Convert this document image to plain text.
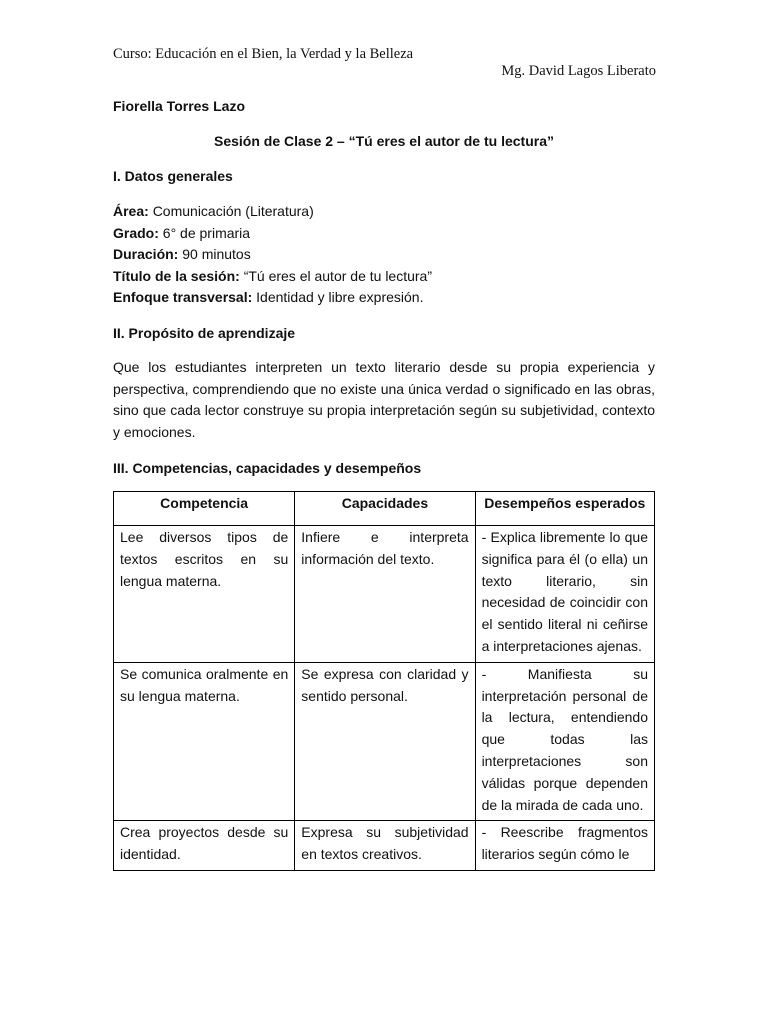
Curso: Educación en el Bien, la Verdad y la Belleza
Mg. David Lagos Liberato
Fiorella Torres Lazo
Sesión de Clase 2 – “Tú eres el autor de tu lectura”
I. Datos generales
Área: Comunicación (Literatura)
Grado: 6° de primaria
Duración: 90 minutos
Título de la sesión: “Tú eres el autor de tu lectura”
Enfoque transversal: Identidad y libre expresión.
II. Propósito de aprendizaje
Que los estudiantes interpreten un texto literario desde su propia experiencia y perspectiva, comprendiendo que no existe una única verdad o significado en las obras, sino que cada lector construye su propia interpretación según su subjetividad, contexto y emociones.
III. Competencias, capacidades y desempeños
Competencia	Capacidades	Desempeños esperados
Lee diversos tipos de textos escritos en su lengua materna.	Infiere e interpreta información del texto.	- Explica libremente lo que significa para él (o ella) un texto literario, sin necesidad de coincidir con el sentido literal ni ceñirse a interpretaciones ajenas.
Se comunica oralmente en su lengua materna.	Se expresa con claridad y sentido personal.	- Manifiesta su interpretación personal de la lectura, entendiendo que todas las interpretaciones son válidas porque dependen de la mirada de cada uno.
Crea proyectos desde su identidad.	Expresa su subjetividad en textos creativos.	- Reescribe fragmentos literarios según cómo le
